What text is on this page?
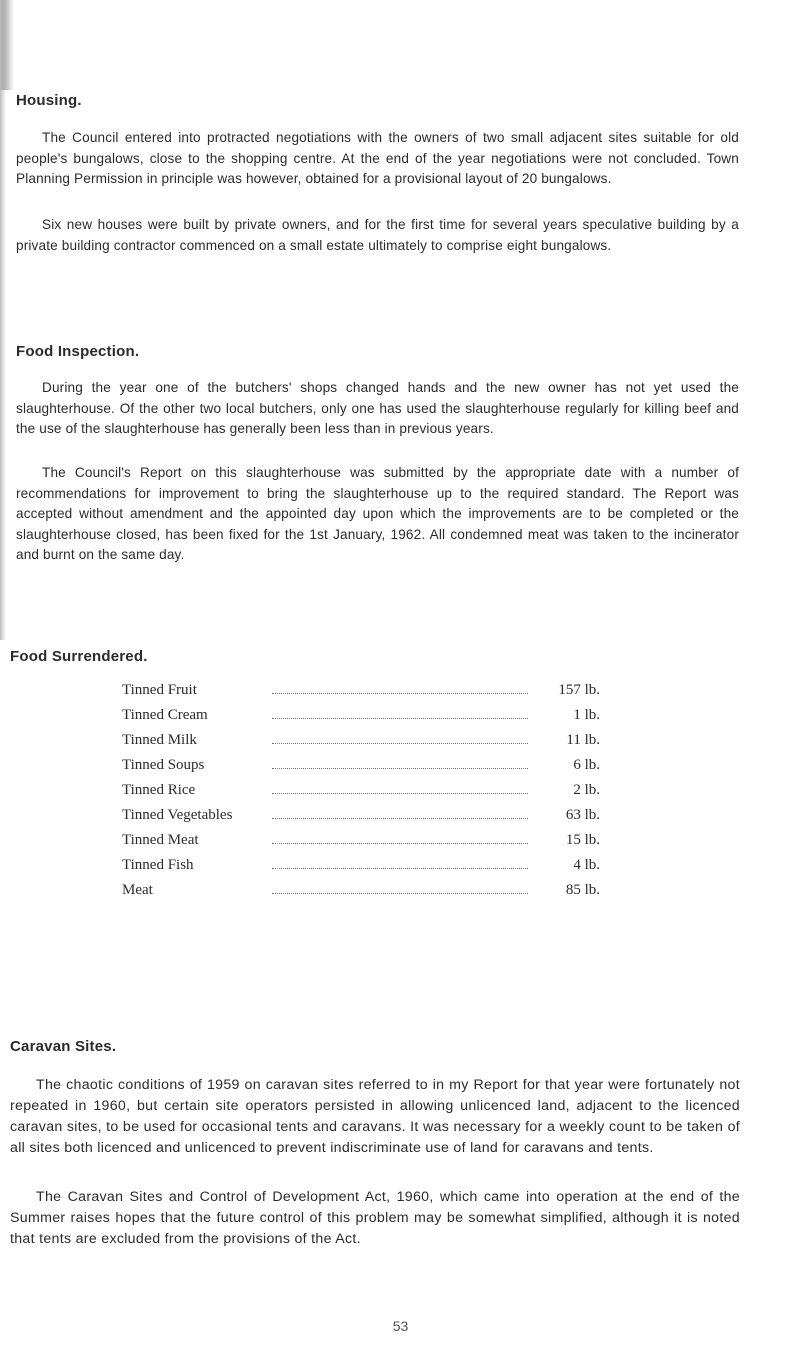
Housing.

The Council entered into protracted negotiations with the owners of two small adjacent sites suitable for old people's bungalows, close to the shopping centre. At the end of the year negotiations were not concluded. Town Planning Permission in principle was however, obtained for a provisional layout of 20 bungalows.

Six new houses were built by private owners, and for the first time for several years speculative building by a private building contractor commenced on a small estate ultimately to comprise eight bungalows.

Food Inspection.

During the year one of the butchers' shops changed hands and the new owner has not yet used the slaughterhouse. Of the other two local butchers, only one has used the slaughterhouse regularly for killing beef and the use of the slaughterhouse has generally been less than in previous years.

The Council's Report on this slaughterhouse was submitted by the appropriate date with a number of recommendations for improvement to bring the slaughterhouse up to the required standard. The Report was accepted without amendment and the appointed day upon which the improvements are to be completed or the slaughterhouse closed, has been fixed for the 1st January, 1962. All condemned meat was taken to the incinerator and burnt on the same day.

Food Surrendered.
Tinned Fruit	157 lb.
Tinned Cream	1 lb.
Tinned Milk	11 lb.
Tinned Soups	6 lb.
Tinned Rice	2 lb.
Tinned Vegetables	63 lb.
Tinned Meat	15 lb.
Tinned Fish	4 lb.
Meat	85 lb.
Caravan Sites.

The chaotic conditions of 1959 on caravan sites referred to in my Report for that year were fortunately not repeated in 1960, but certain site operators persisted in allowing unlicenced land, adjacent to the licenced caravan sites, to be used for occasional tents and caravans. It was necessary for a weekly count to be taken of all sites both licenced and unlicenced to prevent indiscriminate use of land for caravans and tents.

The Caravan Sites and Control of Development Act, 1960, which came into operation at the end of the Summer raises hopes that the future control of this problem may be somewhat simplified, although it is noted that tents are excluded from the provisions of the Act.

53
